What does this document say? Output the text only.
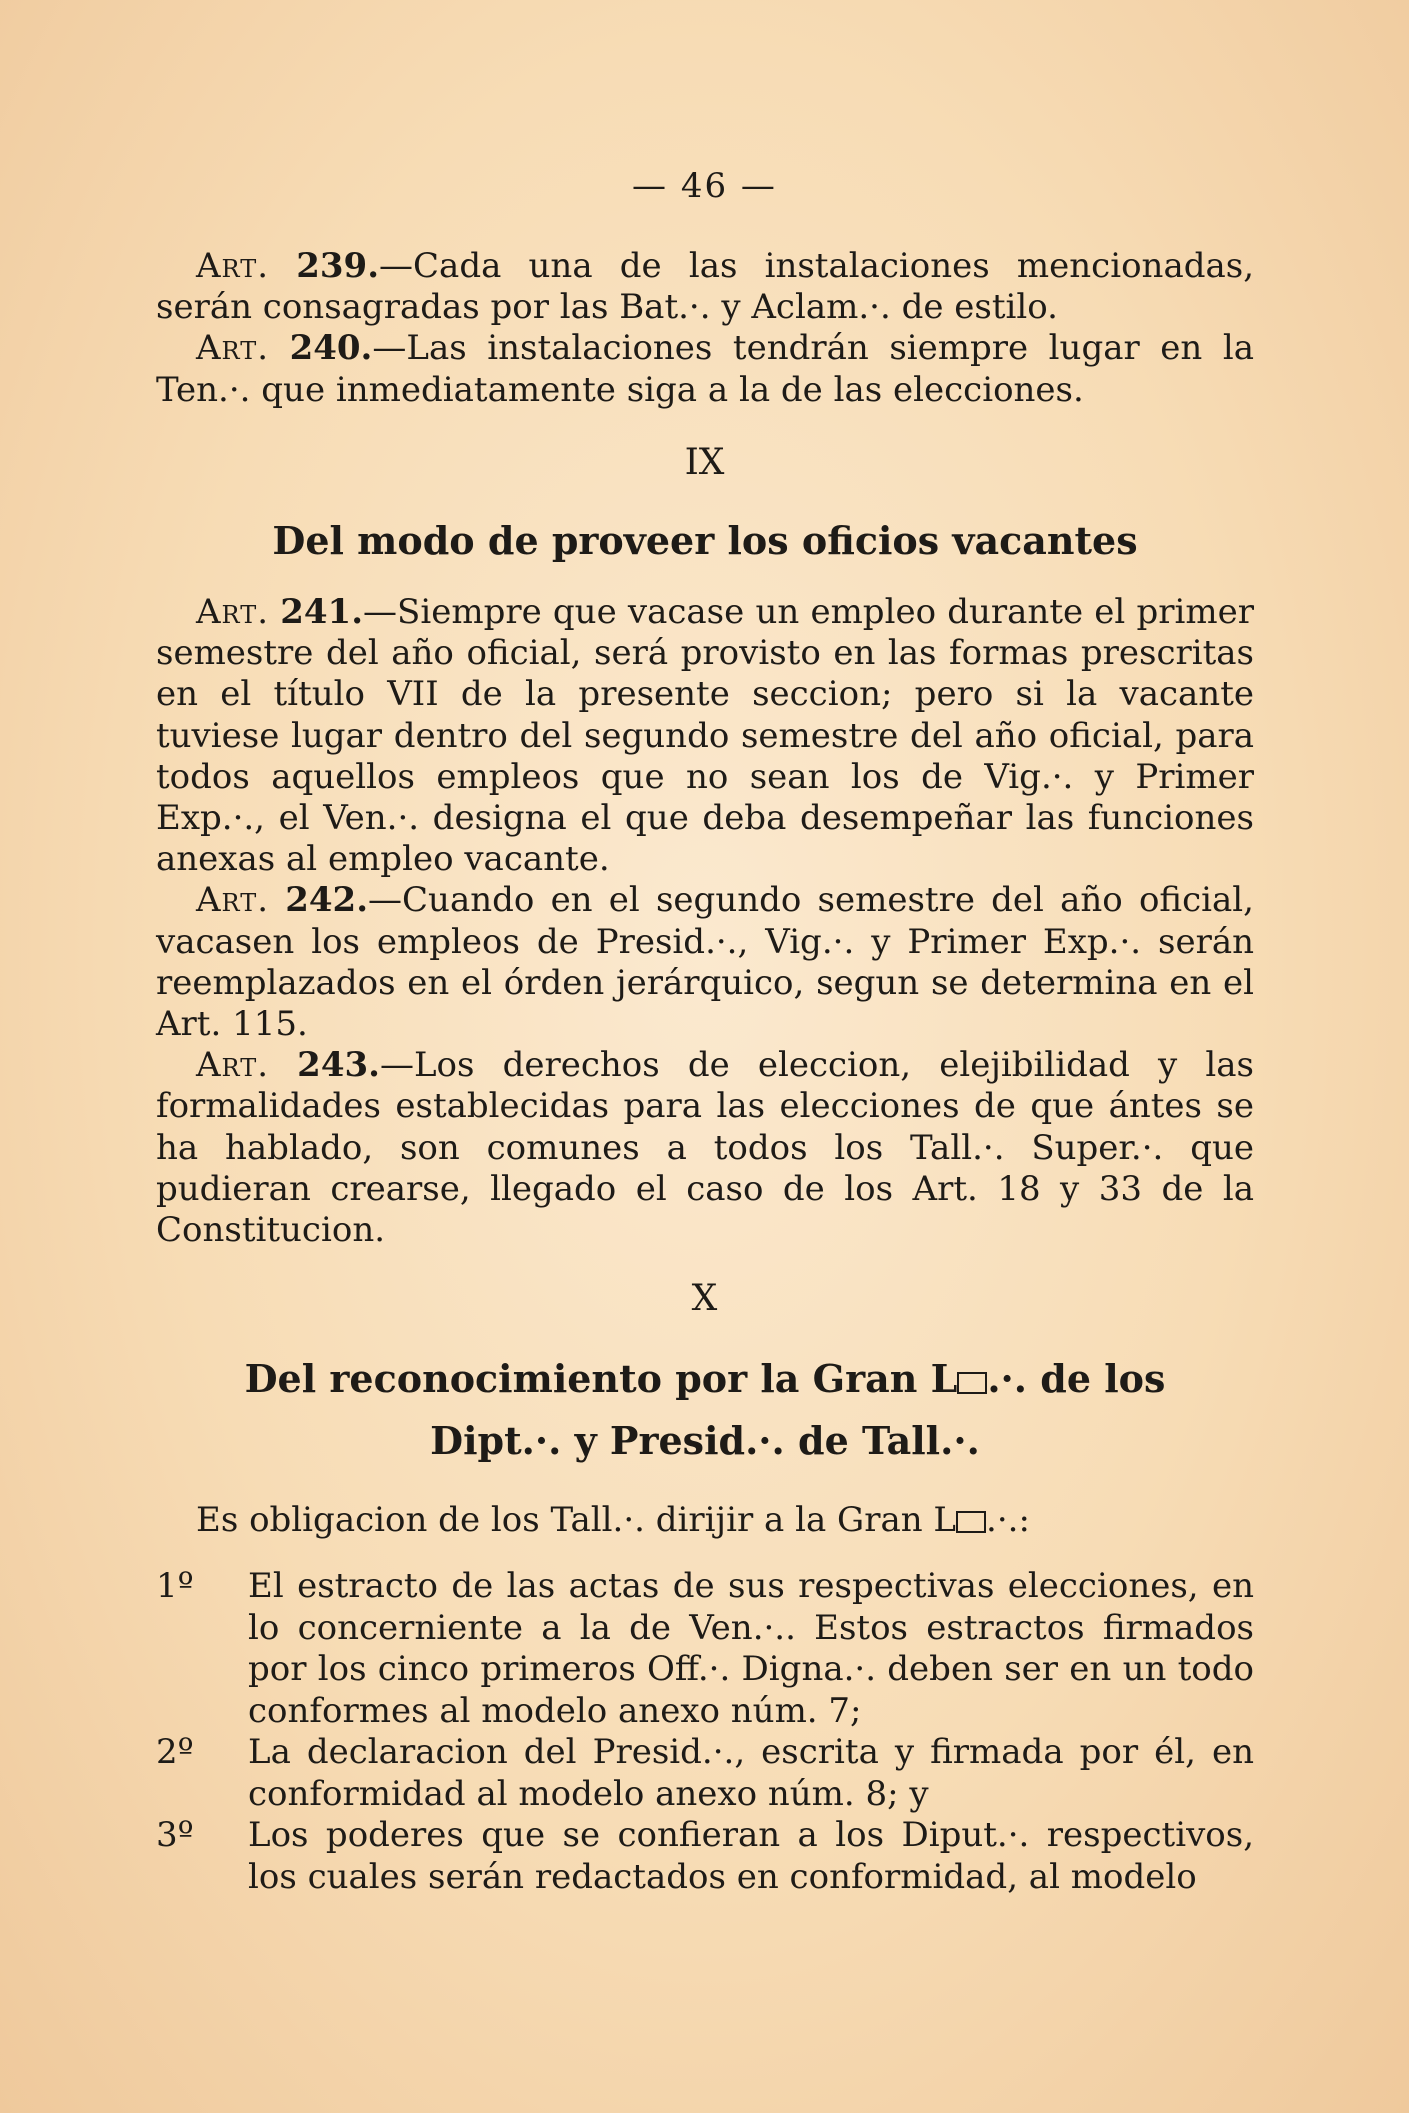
— 46 —

Art. 239.—Cada una de las instalaciones mencionadas, serán consagradas por las Bat.·. y Aclam.·. de estilo.

Art. 240.—Las instalaciones tendrán siempre lugar en la Ten.·. que inmediatamente siga a la de las elecciones.

IX
Del modo de proveer los oficios vacantes

Art. 241.—Siempre que vacase un empleo durante el primer semestre del año oficial, será provisto en las formas prescritas en el título VII de la presente seccion; pero si la vacante tuviese lugar dentro del segundo semestre del año oficial, para todos aquellos empleos que no sean los de Vig.·. y Primer Exp.·., el Ven.·. designa el que deba desempeñar las funciones anexas al empleo vacante.

Art. 242.—Cuando en el segundo semestre del año oficial, vacasen los empleos de Presid.·., Vig.·. y Primer Exp.·. serán reemplazados en el órden jerárquico, segun se determina en el Art. 115.

Art. 243.—Los derechos de eleccion, elejibilidad y las formalidades establecidas para las elecciones de que ántes se ha hablado, son comunes a todos los Tall.·. Super.·. que pudieran crearse, llegado el caso de los Art. 18 y 33 de la Constitucion.

X
Del reconocimiento por la Gran L .·. de los
Dipt.·. y Presid.·. de Tall.·.

Es obligacion de los Tall.·. dirijir a la Gran L .·.:

1º El estracto de las actas de sus respectivas elecciones, en lo concerniente a la de Ven.·.. Estos estractos firmados por los cinco primeros Off.·. Digna.·. deben ser en un todo conformes al modelo anexo núm. 7;
2º La declaracion del Presid.·., escrita y firmada por él, en conformidad al modelo anexo núm. 8; y
3º Los poderes que se confieran a los Diput.·. respectivos, los cuales serán redactados en conformidad, al modelo
